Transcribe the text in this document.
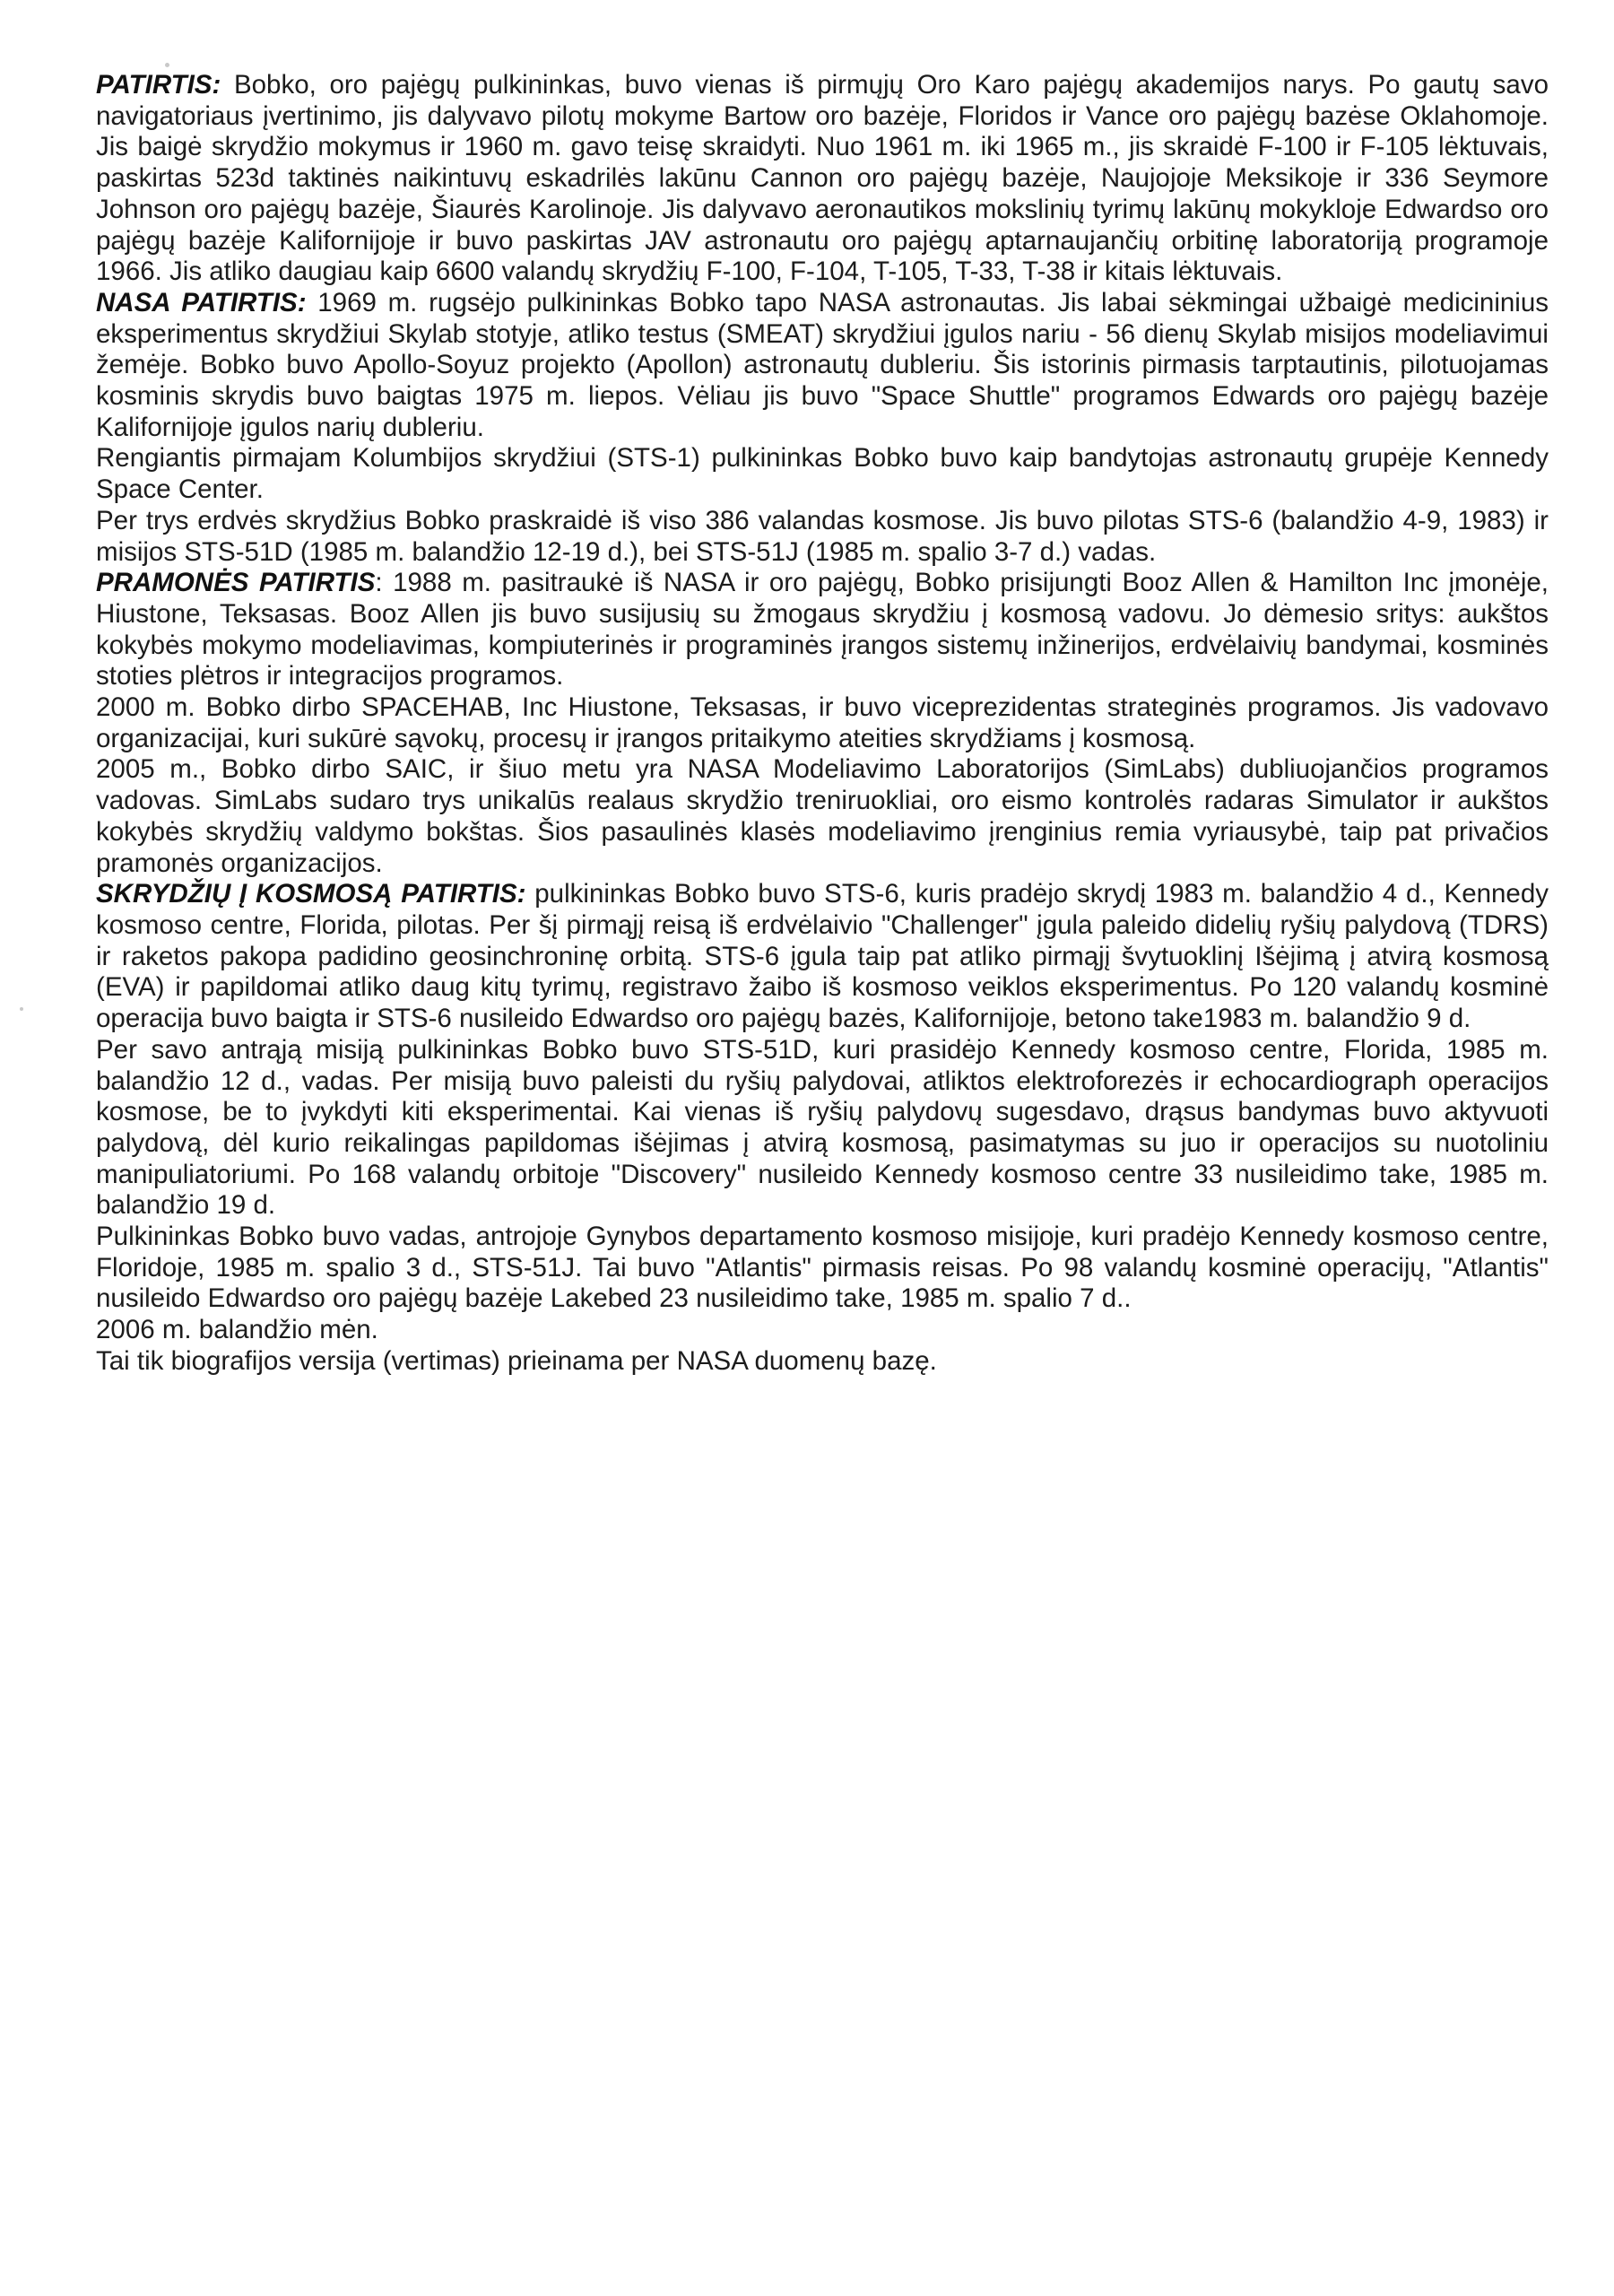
PATIRTIS: Bobko, oro pajėgų pulkininkas, buvo vienas iš pirmųjų Oro Karo pajėgų akademijos narys. Po gautų savo navigatoriaus įvertinimo, jis dalyvavo pilotų mokyme Bartow oro bazėje, Floridos ir Vance oro pajėgų bazėse Oklahomoje. Jis baigė skrydžio mokymus ir 1960 m. gavo teisę skraidyti. Nuo 1961 m. iki 1965 m., jis skraidė F-100 ir F-105 lėktuvais, paskirtas 523d taktinės naikintuvų eskadrilės lakūnu Cannon oro pajėgų bazėje, Naujojoje Meksikoje ir 336 Seymore Johnson oro pajėgų bazėje, Šiaurės Karolinoje. Jis dalyvavo aeronautikos mokslinių tyrimų lakūnų mokykloje Edwardso oro pajėgų bazėje Kalifornijoje ir buvo paskirtas JAV astronautu oro pajėgų aptarnaujančių orbitinę laboratoriją programoje 1966. Jis atliko daugiau kaip 6600 valandų skrydžių F-100, F-104, T-105, T-33, T-38 ir kitais lėktuvais.

NASA PATIRTIS: 1969 m. rugsėjo pulkininkas Bobko tapo NASA astronautas. Jis labai sėkmingai užbaigė medicininius eksperimentus skrydžiui Skylab stotyje, atliko testus (SMEAT) skrydžiui įgulos nariu - 56 dienų Skylab misijos modeliavimui žemėje. Bobko buvo Apollo-Soyuz projekto (Apollon) astronautų dubleriu. Šis istorinis pirmasis tarptautinis, pilotuojamas kosminis skrydis buvo baigtas 1975 m. liepos. Vėliau jis buvo "Space Shuttle" programos Edwards oro pajėgų bazėje Kalifornijoje įgulos narių dubleriu.

Rengiantis pirmajam Kolumbijos skrydžiui (STS-1) pulkininkas Bobko buvo kaip bandytojas astronautų grupėje Kennedy Space Center.

Per trys erdvės skrydžius Bobko praskraidė iš viso 386 valandas kosmose. Jis buvo pilotas STS-6 (balandžio 4-9, 1983) ir misijos STS-51D (1985 m. balandžio 12-19 d.), bei STS-51J (1985 m. spalio 3-7 d.) vadas.

PRAMONĖS PATIRTIS: 1988 m. pasitraukė iš NASA ir oro pajėgų, Bobko prisijungti Booz Allen & Hamilton Inc įmonėje, Hiustone, Teksasas. Booz Allen jis buvo susijusių su žmogaus skrydžiu į kosmosą vadovu. Jo dėmesio sritys: aukštos kokybės mokymo modeliavimas, kompiuterinės ir programinės įrangos sistemų inžinerijos, erdvėlaivių bandymai, kosminės stoties plėtros ir integracijos programos.

2000 m. Bobko dirbo SPACEHAB, Inc Hiustone, Teksasas, ir buvo viceprezidentas strateginės programos. Jis vadovavo organizacijai, kuri sukūrė sąvokų, procesų ir įrangos pritaikymo ateities skrydžiams į kosmosą.

2005 m., Bobko dirbo SAIC, ir šiuo metu yra NASA Modeliavimo Laboratorijos (SimLabs) dubliuojančios programos vadovas. SimLabs sudaro trys unikalūs realaus skrydžio treniruokliai, oro eismo kontrolės radaras Simulator ir aukštos kokybės skrydžių valdymo bokštas. Šios pasaulinės klasės modeliavimo įrenginius remia vyriausybė, taip pat privačios pramonės organizacijos.

SKRYDŽIŲ Į KOSMOSĄ PATIRTIS: pulkininkas Bobko buvo STS-6, kuris pradėjo skrydį 1983 m. balandžio 4 d., Kennedy kosmoso centre, Florida, pilotas. Per šį pirmąjį reisą iš erdvėlaivio "Challenger" įgula paleido didelių ryšių palydovą (TDRS) ir raketos pakopa padidino geosinchroninę orbitą. STS-6 įgula taip pat atliko pirmąjį švytuoklinį Išėjimą į atvirą kosmosą (EVA) ir papildomai atliko daug kitų tyrimų, registravo žaibo iš kosmoso veiklos eksperimentus. Po 120 valandų kosminė operacija buvo baigta ir STS-6 nusileido Edwardso oro pajėgų bazės, Kalifornijoje, betono take1983 m. balandžio 9 d.

Per savo antrąją misiją pulkininkas Bobko buvo STS-51D, kuri prasidėjo Kennedy kosmoso centre, Florida, 1985 m. balandžio 12 d., vadas. Per misiją buvo paleisti du ryšių palydovai, atliktos elektroforezės ir echocardiograph operacijos kosmose, be to įvykdyti kiti eksperimentai. Kai vienas iš ryšių palydovų sugesdavo, drąsus bandymas buvo aktyvuoti palydovą, dėl kurio reikalingas papildomas išėjimas į atvirą kosmosą, pasimatymas su juo ir operacijos su nuotoliniu manipuliatoriumi. Po 168 valandų orbitoje "Discovery" nusileido Kennedy kosmoso centre 33 nusileidimo take, 1985 m. balandžio 19 d.

Pulkininkas Bobko buvo vadas, antrojoje Gynybos departamento kosmoso misijoje, kuri pradėjo Kennedy kosmoso centre, Floridoje, 1985 m. spalio 3 d., STS-51J. Tai buvo "Atlantis" pirmasis reisas. Po 98 valandų kosminė operacijų, "Atlantis" nusileido Edwardso oro pajėgų bazėje Lakebed 23 nusileidimo take, 1985 m. spalio 7 d..

2006 m. balandžio mėn.

Tai tik biografijos versija (vertimas) prieinama per NASA duomenų bazę.
